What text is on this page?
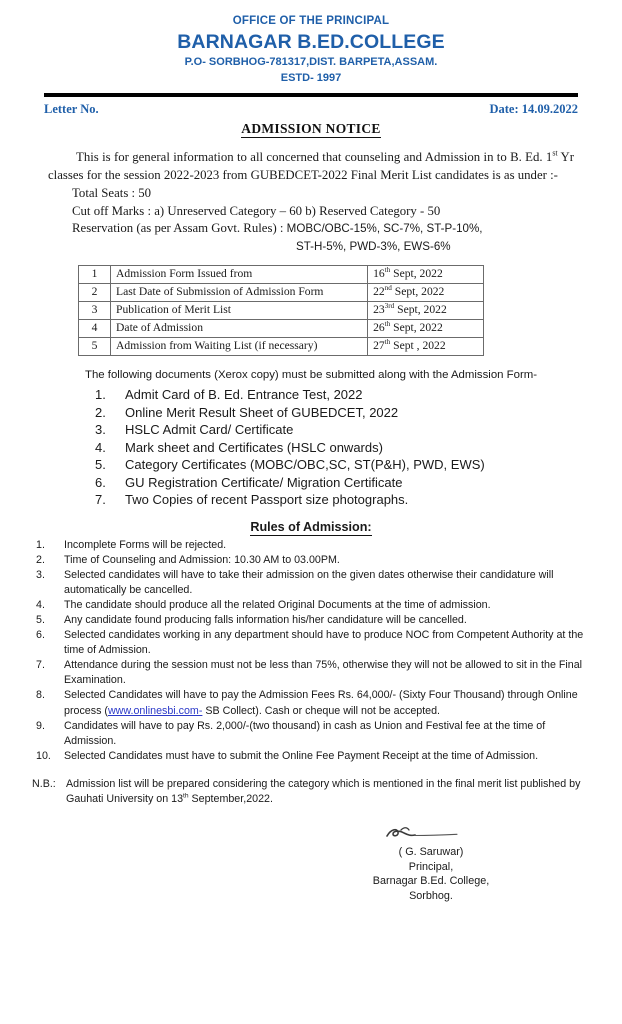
OFFICE OF THE PRINCIPAL
BARNAGAR B.ED.COLLEGE
P.O- SORBHOG-781317,DIST. BARPETA,ASSAM.
ESTD- 1997
Letter No.	Date: 14.09.2022
ADMISSION NOTICE
This is for general information to all concerned that counseling and Admission in to B. Ed. 1st Yr classes for the session 2022-2023 from GUBEDCET-2022 Final Merit List candidates is as under :-
Total Seats : 50
Cut off Marks : a) Unreserved Category – 60 b) Reserved Category - 50
Reservation (as per Assam Govt. Rules) : MOBC/OBC-15%, SC-7%, ST-P-10%,
ST-H-5%, PWD-3%, EWS-6%
1	Admission Form Issued from	16th Sept, 2022
2	Last Date of Submission of Admission Form	22nd Sept, 2022
3	Publication of Merit List	$23^{3rd}$ Sept, 2022
4	Date of Admission	26th Sept, 2022
5	Admission from Waiting List (if necessary)	27th Sept , 2022
The following documents (Xerox copy) must be submitted along with the Admission Form-
1.	Admit Card of B. Ed. Entrance Test, 2022
2.	Online Merit Result Sheet of GUBEDCET, 2022
3.	HSLC Admit Card/ Certificate
4.	Mark sheet and Certificates (HSLC onwards)
5.	Category Certificates (MOBC/OBC,SC, ST(P&H), PWD, EWS)
6.	GU Registration Certificate/ Migration Certificate
7.	Two Copies of recent Passport size photographs.
Rules of Admission:
1.	Incomplete Forms will be rejected.
2.	Time of Counseling and Admission: 10.30 AM to 03.00PM.
3.	Selected candidates will have to take their admission on the given dates otherwise their candidature will automatically be cancelled.
4.	The candidate should produce all the related Original Documents at the time of admission.
5.	Any candidate found producing falls information his/her candidature will be cancelled.
6.	Selected candidates working in any department should have to produce NOC from Competent Authority at the time of Admission.
7.	Attendance during the session must not be less than 75%, otherwise they will not be allowed to sit in the Final Examination.
8.	Selected Candidates will have to pay the Admission Fees Rs. 64,000/- (Sixty Four Thousand) through Online process (www.onlinesbi.com- SB Collect). Cash or cheque will not be accepted.
9.	Candidates will have to pay Rs. 2,000/-(two thousand) in cash as Union and Festival fee at the time of Admission.
10.	Selected Candidates must have to submit the Online Fee Payment Receipt at the time of Admission.
N.B.: Admission list will be prepared considering the category which is mentioned in the final merit list published by Gauhati University on 13th September,2022.
( G. Saruwar)
Principal,
Barnagar B.Ed. College,
Sorbhog.
